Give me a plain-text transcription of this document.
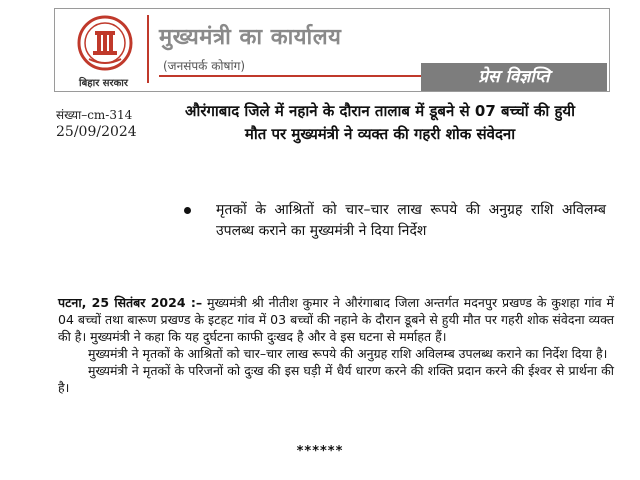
बिहार सरकार
मुख्यमंत्री का कार्यालय
(जनसंपर्क कोषांग)
प्रेस विज्ञप्ति
संख्या–cm-314
25/09/2024
औरंगाबाद जिले में नहाने के दौरान तालाब में डूबने से 07 बच्चों की हुयी मौत पर मुख्यमंत्री ने व्यक्त की गहरी शोक संवेदना
मृतकों के आश्रितों को चार–चार लाख रूपये की अनुग्रह राशि अविलम्ब उपलब्ध कराने का मुख्यमंत्री ने दिया निर्देश

पटना, 25 सितंबर 2024 :– मुख्यमंत्री श्री नीतीश कुमार ने औरंगाबाद जिला अन्तर्गत मदनपुर प्रखण्ड के कुशहा गांव में 04 बच्चों तथा बारूण प्रखण्ड के इटहट गांव में 03 बच्चों की नहाने के दौरान डूबने से हुयी मौत पर गहरी शोक संवेदना व्यक्त की है। मुख्यमंत्री ने कहा कि यह दुर्घटना काफी दुःखद है और वे इस घटना से मर्माहत हैं।

मुख्यमंत्री ने मृतकों के आश्रितों को चार–चार लाख रूपये की अनुग्रह राशि अविलम्ब उपलब्ध कराने का निर्देश दिया है।

मुख्यमंत्री ने मृतकों के परिजनों को दुःख की इस घड़ी में धैर्य धारण करने की शक्ति प्रदान करने की ईश्वर से प्रार्थना की है।

******
